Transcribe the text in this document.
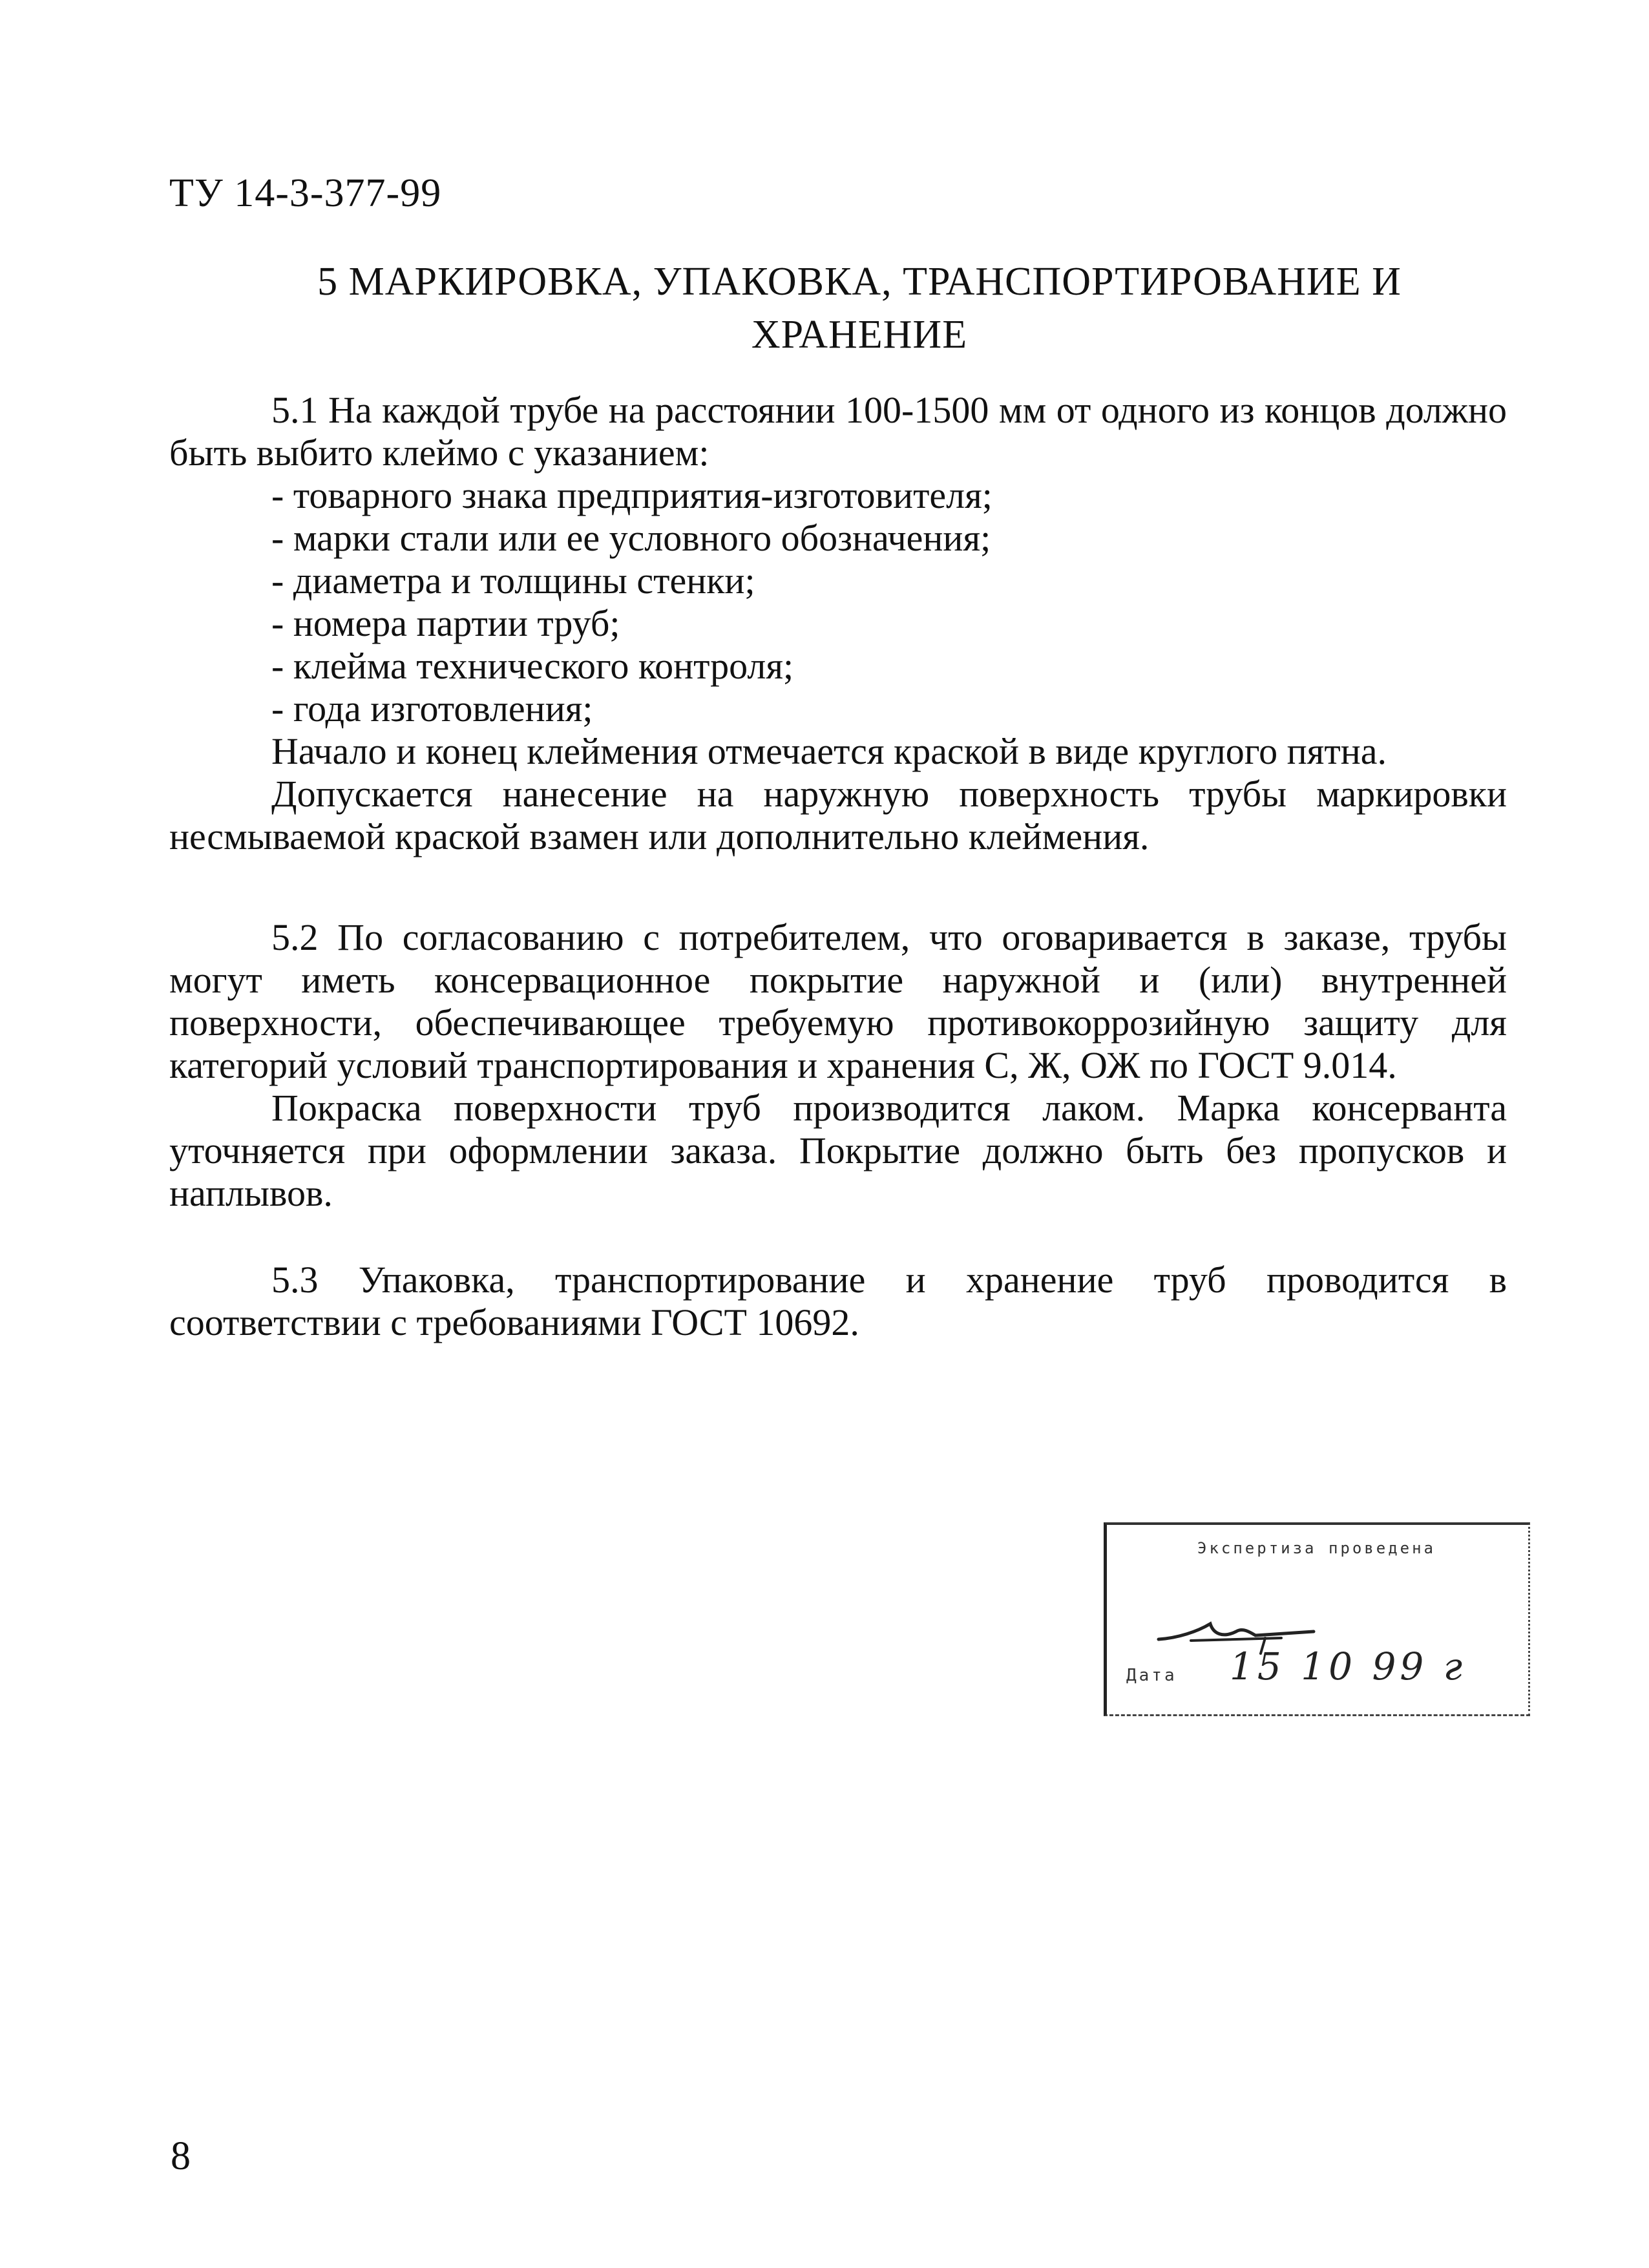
ТУ 14-3-377-99
5 МАРКИРОВКА, УПАКОВКА, ТРАНСПОРТИРОВАНИЕ И
ХРАНЕНИЕ

5.1 На каждой трубе на расстоянии 100-1500 мм от одного из концов должно быть выбито клеймо с указанием:

- товарного знака предприятия-изготовителя;

- марки стали или ее условного обозначения;

- диаметра и толщины стенки;

- номера партии труб;

- клейма технического контроля;

- года изготовления;

Начало и конец клеймения отмечается краской в виде круглого пятна.

Допускается нанесение на наружную поверхность трубы маркировки несмываемой краской взамен или дополнительно клеймения.

5.2 По согласованию с потребителем, что оговаривается в заказе, трубы могут иметь консервационное покрытие наружной и (или) внутренней поверхности, обеспечивающее требуемую противокоррозийную защиту для категорий условий транспортирования и хранения С, Ж, ОЖ по ГОСТ 9.014.

Покраска поверхности труб производится лаком. Марка консерванта уточняется при оформлении заказа. Покрытие должно быть без пропусков и наплывов.

5.3 Упаковка, транспортирование и хранение труб проводится в соответствии с требованиями ГОСТ 10692.

Экспертиза проведена
Дата 15 10 99 г
8
